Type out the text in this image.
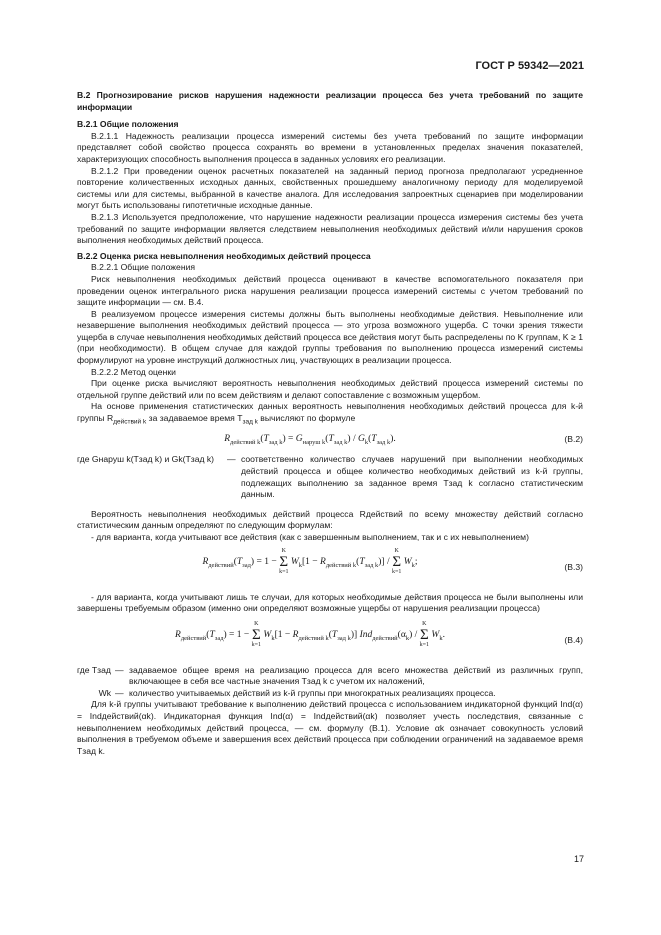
ГОСТ Р 59342—2021

В.2 Прогнозирование рисков нарушения надежности реализации процесса без учета требований по защите информации

В.2.1 Общие положения

В.2.1.1 Надежность реализации процесса измерений системы без учета требований по защите информации представляет собой свойство процесса сохранять во времени в установленных пределах значения показателей, характеризующих способность выполнения процесса в заданных условиях его реализации.

В.2.1.2 При проведении оценок расчетных показателей на заданный период прогноза предполагают усредненное повторение количественных исходных данных, свойственных прошедшему аналогичному периоду для моделируемой системы или для системы, выбранной в качестве аналога. Для исследования запроектных сценариев при моделировании могут быть использованы гипотетичные исходные данные.

В.2.1.3 Используется предположение, что нарушение надежности реализации процесса измерения системы без учета требований по защите информации является следствием невыполнения необходимых действий и/или нарушения сроков выполнения необходимых действий процесса.

В.2.2 Оценка риска невыполнения необходимых действий процесса

В.2.2.1 Общие положения

Риск невыполнения необходимых действий процесса оценивают в качестве вспомогательного показателя при проведении оценок интегрального риска нарушения реализации процесса измерений системы с учетом требований по защите информации — см. В.4.

В реализуемом процессе измерения системы должны быть выполнены необходимые действия. Невыполнение или незавершение выполнения необходимых действий процесса — это угроза возможного ущерба. С точки зрения тяжести ущерба в случае невыполнения необходимых действий процесса все действия могут быть распределены по K группам, K ≥ 1 (при необходимости). В общем случае для каждой группы требования по выполнению процесса измерений системы формулируют на уровне инструкций должностных лиц, участвующих в реализации процесса.

В.2.2.2 Метод оценки

При оценке риска вычисляют вероятность невыполнения необходимых действий процесса измерений системы по отдельной группе действий или по всем действиям и делают сопоставление с возможным ущербом.

На основе применения статистических данных вероятность невыполнения необходимых действий процесса для k-й группы $R_{действий k}$ за задаваемое время $T_{зад k}$ вычисляют по формуле

$R_{действий k}(T_{зад k}) = G_{наруш k}(T_{зад k}) / G_k(T_{зад k})$.	(В.2)
где Gнаруш k(Tзад k) и Gk(Tзад k)	— соответственно количество случаев нарушений при выполнении необходимых действий процесса и общее количество необходимых действий из k-й группы, подлежащих выполнению за заданное время Tзад k согласно статистическим данным.

Вероятность невыполнения необходимых действий процесса Rдействий по всему множеству действий согласно статистическим данным определяют по следующим формулам:

- для варианта, когда учитывают все действия (как с завершенным выполнением, так и с их невыполнением)

$R_{действий}(T_{зад}) = 1 - K$
Σ
k=1 $W_k[1 - R_{действий k}(T_{зад k})] / K$
Σ
k=1 $W_k$;	(В.3)

- для варианта, когда учитывают лишь те случаи, для которых необходимые действия процесса не были выполнены или завершены требуемым образом (именно они определяют возможные ущербы от нарушения реализации процесса)

$R_{действий}(T_{зад}) = 1 - K$
Σ
k=1 $W_k[1 - R_{действий k}(T_{зад k})]$ $Ind_{действий}(\alpha_k)$ / K
Σ
k=1 $W_k$.	(В.4)
где Tзад — задаваемое общее время на реализацию процесса для всего множества действий из различных групп, включающее в себя все частные значения Tзад k с учетом их наложений,
Wk — количество учитываемых действий из k-й группы при многократных реализациях процесса.

Для k-й группы учитывают требование к выполнению действий процесса с использованием индикаторной функций Ind(α) = Indдействий(αk). Индикаторная функция Ind(α) = Indдействий(αk) позволяет учесть последствия, связанные с невыполнением необходимых действий процесса, — см. формулу (В.1). Условие αk означает совокупность условий выполнения в требуемом объеме и завершения всех действий процесса при соблюдении ограничений на задаваемое время Tзад k.

17
